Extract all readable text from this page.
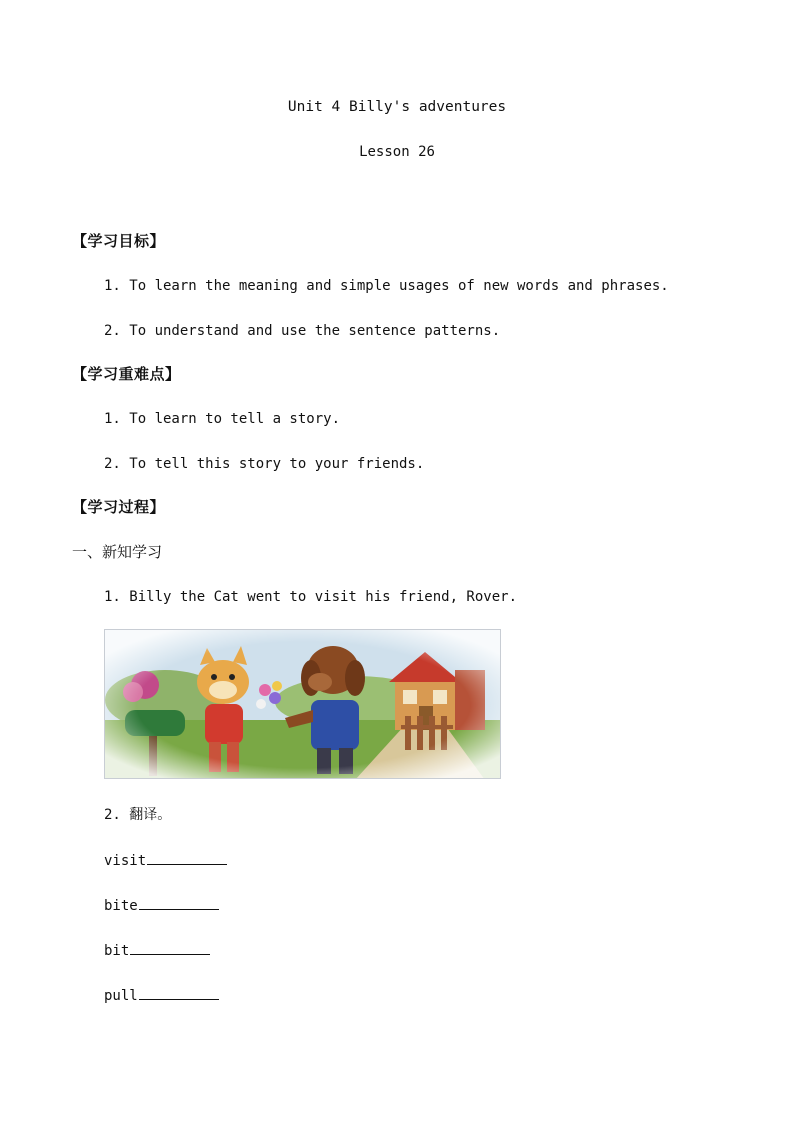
Unit 4 Billy's adventures
Lesson 26
【学习目标】
1. To learn the meaning and simple usages of new words and phrases.
2. To understand and use the sentence patterns.
【学习重难点】
1. To learn to tell a story.
2. To tell this story to your friends.
【学习过程】
一、新知学习
1. Billy the Cat went to visit his friend, Rover.
2. 翻译。
visit
bite
bit
pull
